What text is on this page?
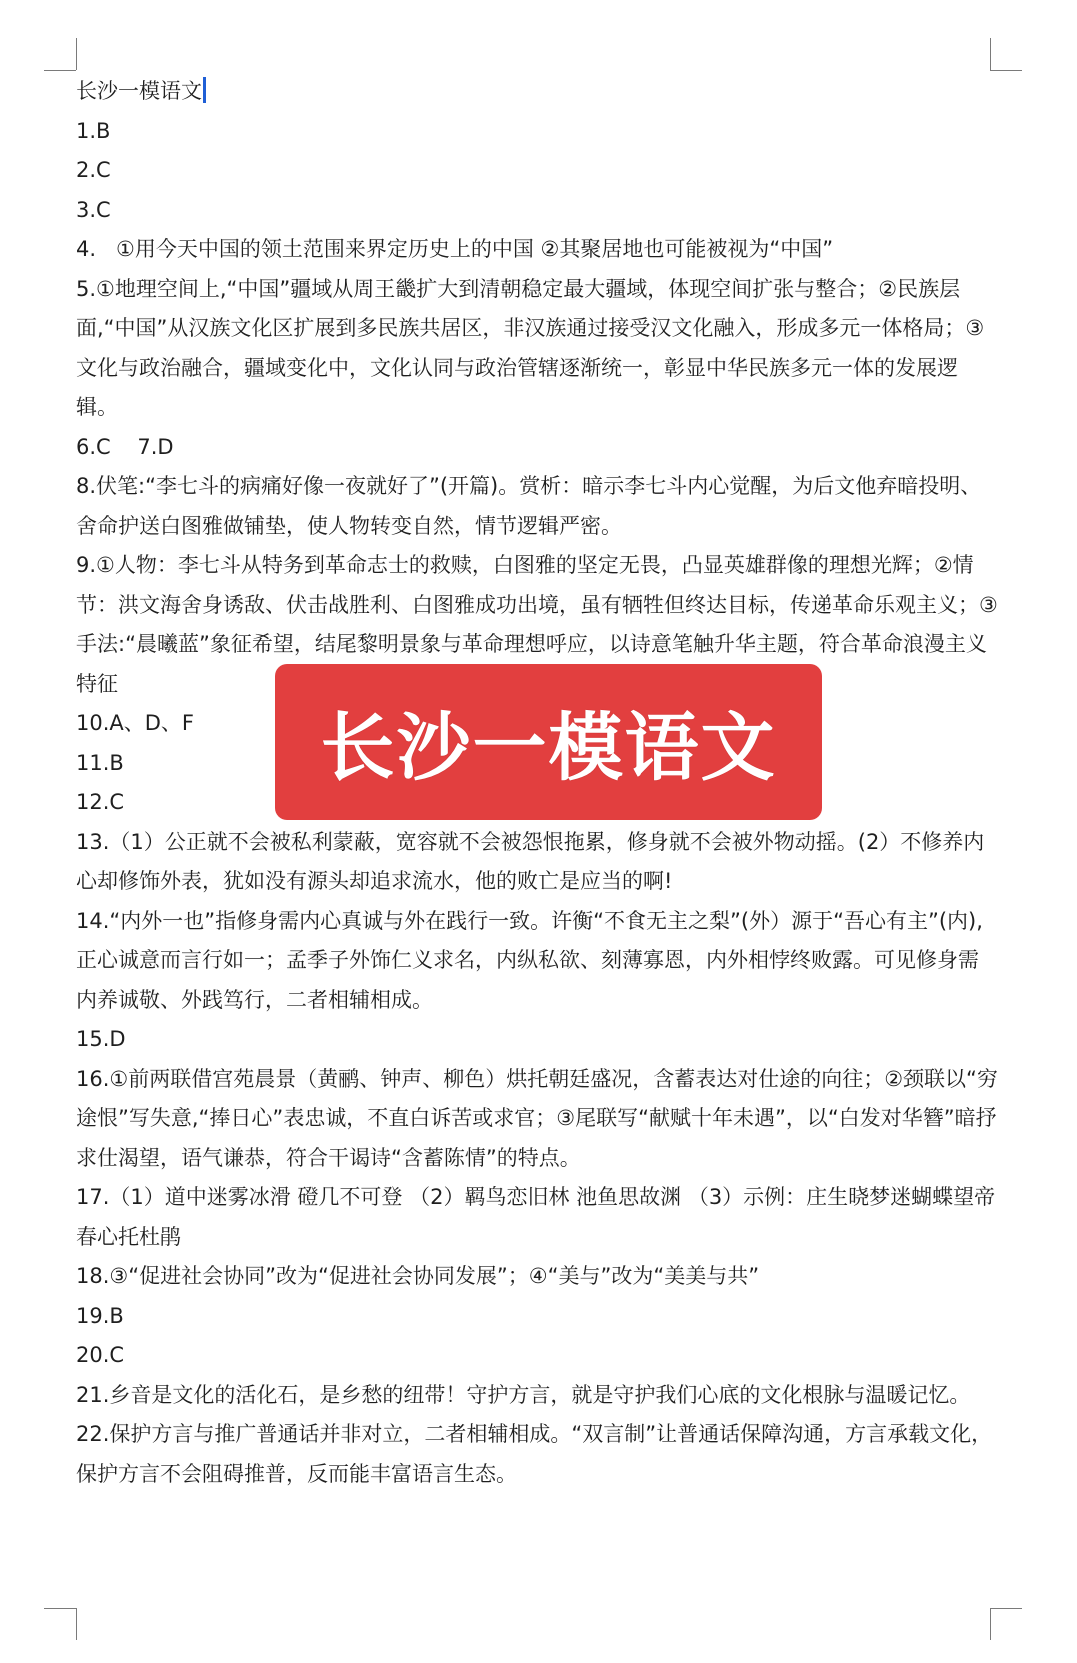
长沙一模语文

1.B

2.C

3.C

4.   ①用今天中国的领土范围来界定历史上的中国 ②其聚居地也可能被视为“中国”

5.①地理空间上,“中国”疆域从周王畿扩大到清朝稳定最大疆域，体现空间扩张与整合；②民族层面,“中国”从汉族文化区扩展到多民族共居区，非汉族通过接受汉文化融入，形成多元一体格局；③文化与政治融合，疆域变化中，文化认同与政治管辖逐渐统一，彰显中华民族多元一体的发展逻辑。

6.C    7.D

8.伏笔:“李七斗的病痛好像一夜就好了”(开篇)。赏析：暗示李七斗内心觉醒，为后文他弃暗投明、舍命护送白图雅做铺垫，使人物转变自然，情节逻辑严密。

9.①人物：李七斗从特务到革命志士的救赎，白图雅的坚定无畏，凸显英雄群像的理想光辉；②情节：洪文海舍身诱敌、伏击战胜利、白图雅成功出境，虽有牺牲但终达目标，传递革命乐观主义；③手法:“晨曦蓝”象征希望，结尾黎明景象与革命理想呼应，以诗意笔触升华主题，符合革命浪漫主义特征

10.A、D、F

11.B

12.C

13.（1）公正就不会被私利蒙蔽，宽容就不会被怨恨拖累，修身就不会被外物动摇。(2）不修养内心却修饰外表，犹如没有源头却追求流水，他的败亡是应当的啊!

14.“内外一也”指修身需内心真诚与外在践行一致。许衡“不食无主之梨”(外）源于“吾心有主”(内),正心诚意而言行如一；孟季子外饰仁义求名，内纵私欲、刻薄寡恩，内外相悖终败露。可见修身需内养诚敬、外践笃行，二者相辅相成。

15.D

16.①前两联借宫苑晨景（黄鹂、钟声、柳色）烘托朝廷盛况，含蓄表达对仕途的向往；②颈联以“穷途恨”写失意,“捧日心”表忠诚，不直白诉苦或求官；③尾联写“献赋十年未遇”，以“白发对华簪”暗抒求仕渴望，语气谦恭，符合干谒诗“含蓄陈情”的特点。

17.（1）道中迷雾冰滑 磴几不可登 （2）羁鸟恋旧林 池鱼思故渊 （3）示例：庄生晓梦迷蝴蝶望帝春心托杜鹃

18.③“促进社会协同”改为“促进社会协同发展”；④“美与”改为“美美与共”

19.B

20.C

21.乡音是文化的活化石，是乡愁的纽带！守护方言，就是守护我们心底的文化根脉与温暖记忆。

22.保护方言与推广普通话并非对立，二者相辅相成。“双言制”让普通话保障沟通，方言承载文化，保护方言不会阻碍推普，反而能丰富语言生态。

长沙一模语文
